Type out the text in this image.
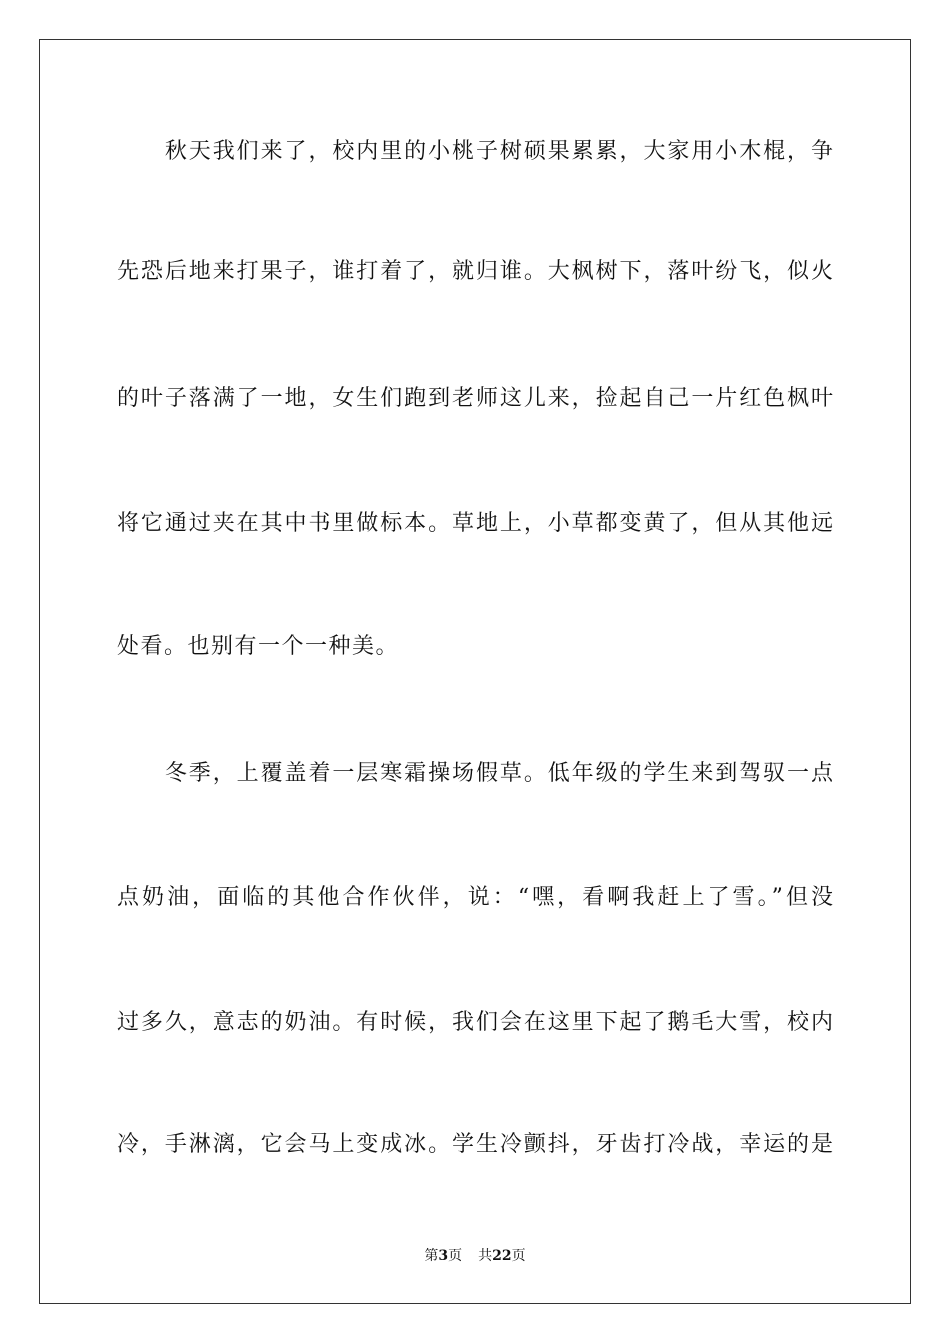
　　秋天我们来了，校内里的小桃子树硕果累累，大家用小木棍，争
先恐后地来打果子，谁打着了，就归谁。大枫树下，落叶纷飞，似火
的叶子落满了一地，女生们跑到老师这儿来，捡起自己一片红色枫叶
将它通过夹在其中书里做标本。草地上，小草都变黄了，但从其他远
处看。也别有一个一种美。
　　冬季，上覆盖着一层寒霜操场假草。低年级的学生来到驾驭一点
点奶油，面临的其他合作伙伴，说：“嘿，看啊我赶上了雪。”但没
过多久，意志的奶油。有时候，我们会在这里下起了鹅毛大雪，校内
冷，手淋漓，它会马上变成冰。学生冷颤抖，牙齿打冷战，幸运的是
第3页 共22页
